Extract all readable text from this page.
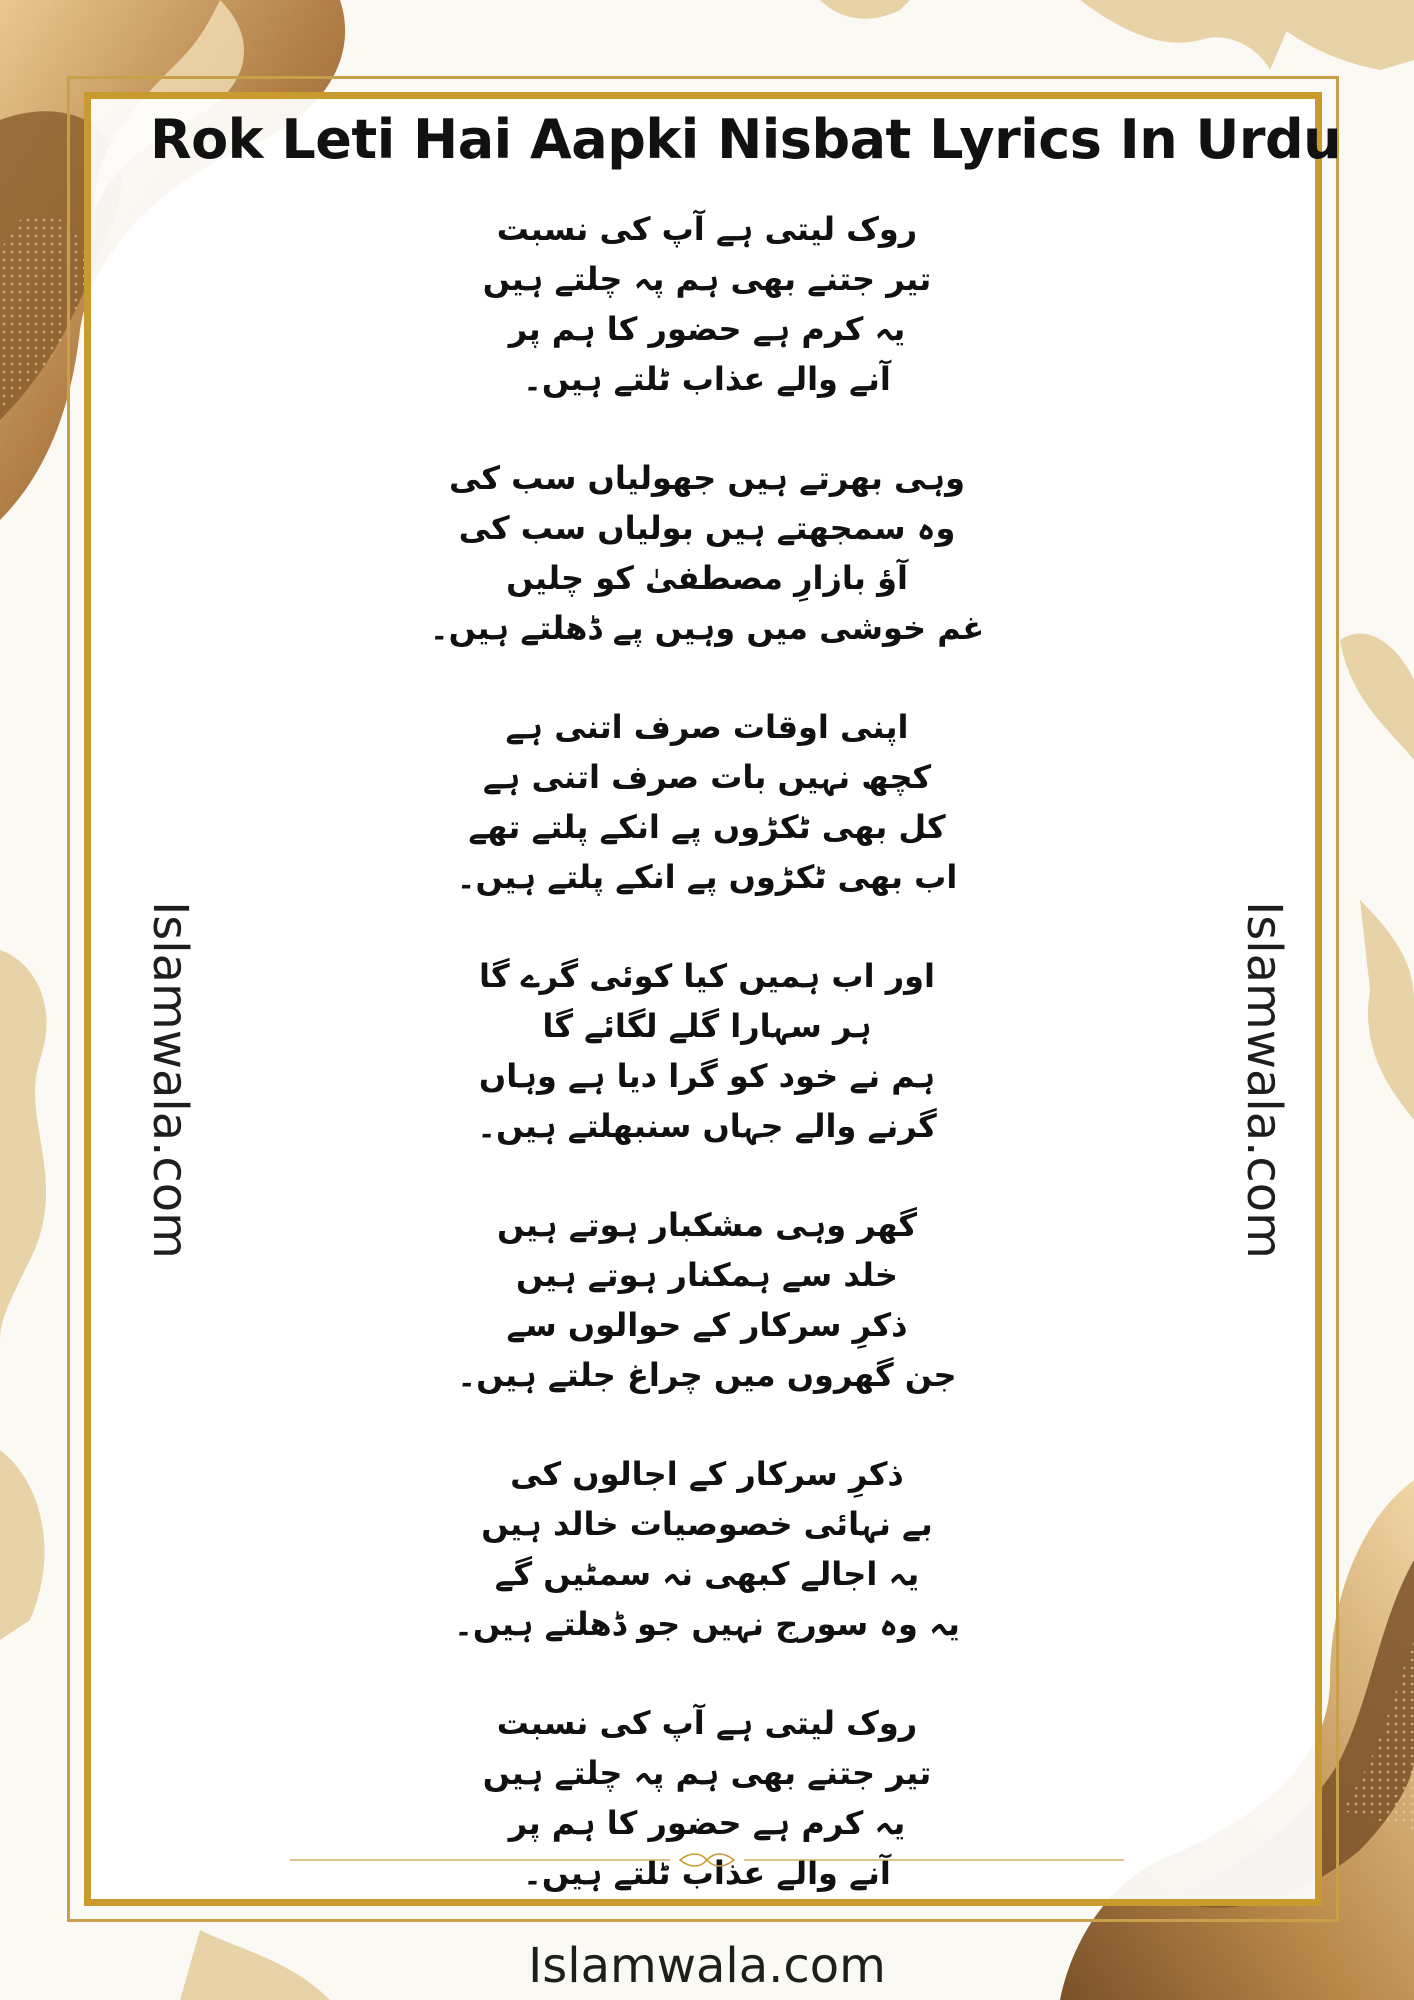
Rok Leti Hai Aapki Nisbat Lyrics In Urdu
روک لیتی ہے آپ کی نسبت
تیر جتنے بھی ہم پہ چلتے ہیں
یہ کرم ہے حضور کا ہم پر
آنے والے عذاب ٹلتے ہیں۔
وہی بھرتے ہیں جھولیاں سب کی
وہ سمجھتے ہیں بولیاں سب کی
آؤ بازارِ مصطفیٰ کو چلیں
غم خوشی میں وہیں پے ڈھلتے ہیں۔
اپنی اوقات صرف اتنی ہے
کچھ نہیں بات صرف اتنی ہے
کل بھی ٹکڑوں پے انکے پلتے تھے
اب بھی ٹکڑوں پے انکے پلتے ہیں۔
اور اب ہمیں کیا کوئی گرے گا
ہر سہارا گلے لگائے گا
ہم نے خود کو گرا دیا ہے وہاں
گرنے والے جہاں سنبھلتے ہیں۔
گھر وہی مشکبار ہوتے ہیں
خلد سے ہمکنار ہوتے ہیں
ذکرِ سرکار کے حوالوں سے
جن گھروں میں چراغ جلتے ہیں۔
ذکرِ سرکار کے اجالوں کی
بے نہائی خصوصیات خالد ہیں
یہ اجالے کبھی نہ سمٹیں گے
یہ وہ سورج نہیں جو ڈھلتے ہیں۔
روک لیتی ہے آپ کی نسبت
تیر جتنے بھی ہم پہ چلتے ہیں
یہ کرم ہے حضور کا ہم پر
آنے والے عذاب ٹلتے ہیں۔
Islamwala.com	Islamwala.com
Islamwala.com
